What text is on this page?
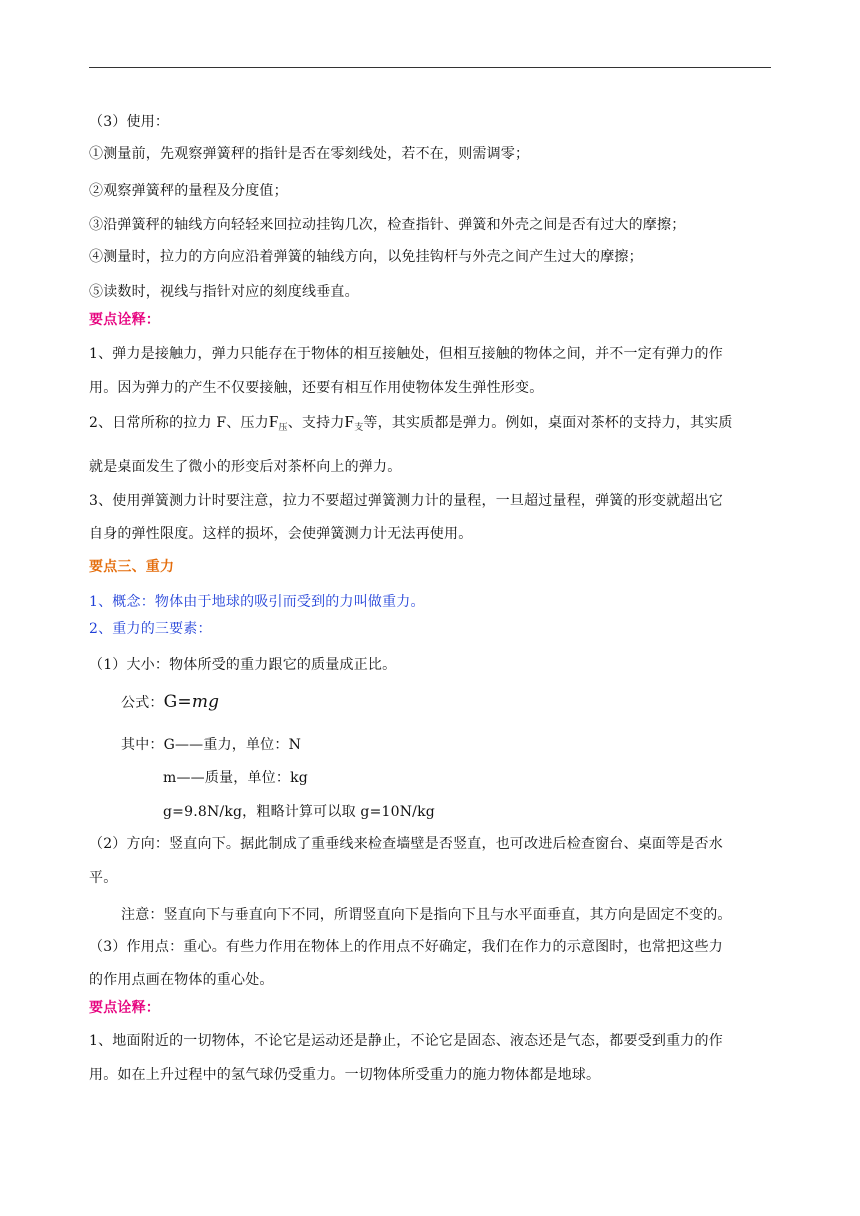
（3）使用：
①测量前，先观察弹簧秤的指针是否在零刻线处，若不在，则需调零；
②观察弹簧秤的量程及分度值；
③沿弹簧秤的轴线方向轻轻来回拉动挂钩几次，检查指针、弹簧和外壳之间是否有过大的摩擦；
④测量时，拉力的方向应沿着弹簧的轴线方向，以免挂钩杆与外壳之间产生过大的摩擦；
⑤读数时，视线与指针对应的刻度线垂直。
要点诠释：
1、弹力是接触力，弹力只能存在于物体的相互接触处，但相互接触的物体之间，并不一定有弹力的作
用。因为弹力的产生不仅要接触，还要有相互作用使物体发生弹性形变。
2、日常所称的拉力 F、压力$F_压$、支持力$F_支$等，其实质都是弹力。例如，桌面对茶杯的支持力，其实质
就是桌面发生了微小的形变后对茶杯向上的弹力。
3、使用弹簧测力计时要注意，拉力不要超过弹簧测力计的量程，一旦超过量程，弹簧的形变就超出它
自身的弹性限度。这样的损坏，会使弹簧测力计无法再使用。
要点三、重力
1、概念：物体由于地球的吸引而受到的力叫做重力。
2、重力的三要素：
（1）大小：物体所受的重力跟它的质量成正比。
公式：G=mg
其中：G——重力，单位：N
m——质量，单位：kg
g=9.8N/kg，粗略计算可以取 g=10N/kg
（2）方向：竖直向下。据此制成了重垂线来检查墙壁是否竖直，也可改进后检查窗台、桌面等是否水
平。
注意：竖直向下与垂直向下不同，所谓竖直向下是指向下且与水平面垂直，其方向是固定不变的。
（3）作用点：重心。有些力作用在物体上的作用点不好确定，我们在作力的示意图时，也常把这些力
的作用点画在物体的重心处。
要点诠释：
1、地面附近的一切物体，不论它是运动还是静止，不论它是固态、液态还是气态，都要受到重力的作
用。如在上升过程中的氢气球仍受重力。一切物体所受重力的施力物体都是地球。
